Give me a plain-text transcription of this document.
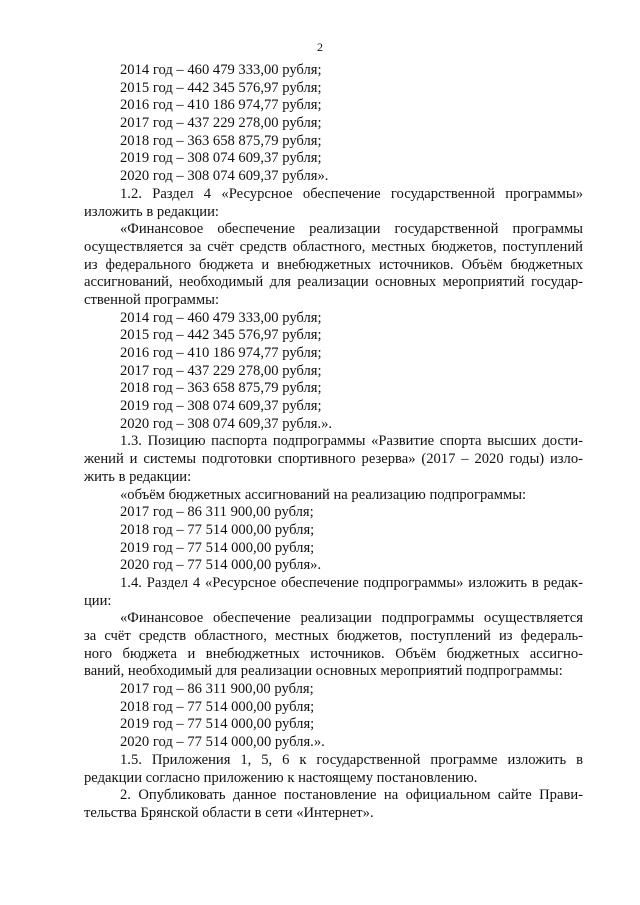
2
2014 год – 460 479 333,00 рубля;
2015 год – 442 345 576,97 рубля;
2016 год – 410 186 974,77 рубля;
2017 год – 437 229 278,00 рубля;
2018 год – 363 658 875,79 рубля;
2019 год – 308 074 609,37 рубля;
2020 год – 308 074 609,37 рубля».
1.2. Раздел 4 «Ресурсное обеспечение государственной программы»
изложить в редакции:
«Финансовое обеспечение реализации государственной программы
осуществляется за счёт средств областного, местных бюджетов, поступлений
из федерального бюджета и внебюджетных источников. Объём бюджетных
ассигнований, необходимый для реализации основных мероприятий государ-
ственной программы:
2014 год – 460 479 333,00 рубля;
2015 год – 442 345 576,97 рубля;
2016 год – 410 186 974,77 рубля;
2017 год – 437 229 278,00 рубля;
2018 год – 363 658 875,79 рубля;
2019 год – 308 074 609,37 рубля;
2020 год – 308 074 609,37 рубля.».
1.3. Позицию паспорта подпрограммы «Развитие спорта высших дости-
жений и системы подготовки спортивного резерва» (2017 – 2020 годы) изло-
жить в редакции:
«объём бюджетных ассигнований на реализацию подпрограммы:
2017 год – 86 311 900,00 рубля;
2018 год – 77 514 000,00 рубля;
2019 год – 77 514 000,00 рубля;
2020 год – 77 514 000,00 рубля».
1.4. Раздел 4 «Ресурсное обеспечение подпрограммы» изложить в редак-
ции:
«Финансовое обеспечение реализации подпрограммы осуществляется
за счёт средств областного, местных бюджетов, поступлений из федераль-
ного бюджета и внебюджетных источников. Объём бюджетных ассигно-
ваний, необходимый для реализации основных мероприятий подпрограммы:
2017 год – 86 311 900,00 рубля;
2018 год – 77 514 000,00 рубля;
2019 год – 77 514 000,00 рубля;
2020 год – 77 514 000,00 рубля.».
1.5. Приложения 1, 5, 6 к государственной программе изложить в
редакции согласно приложению к настоящему постановлению.
2. Опубликовать данное постановление на официальном сайте Прави-
тельства Брянской области в сети «Интернет».
